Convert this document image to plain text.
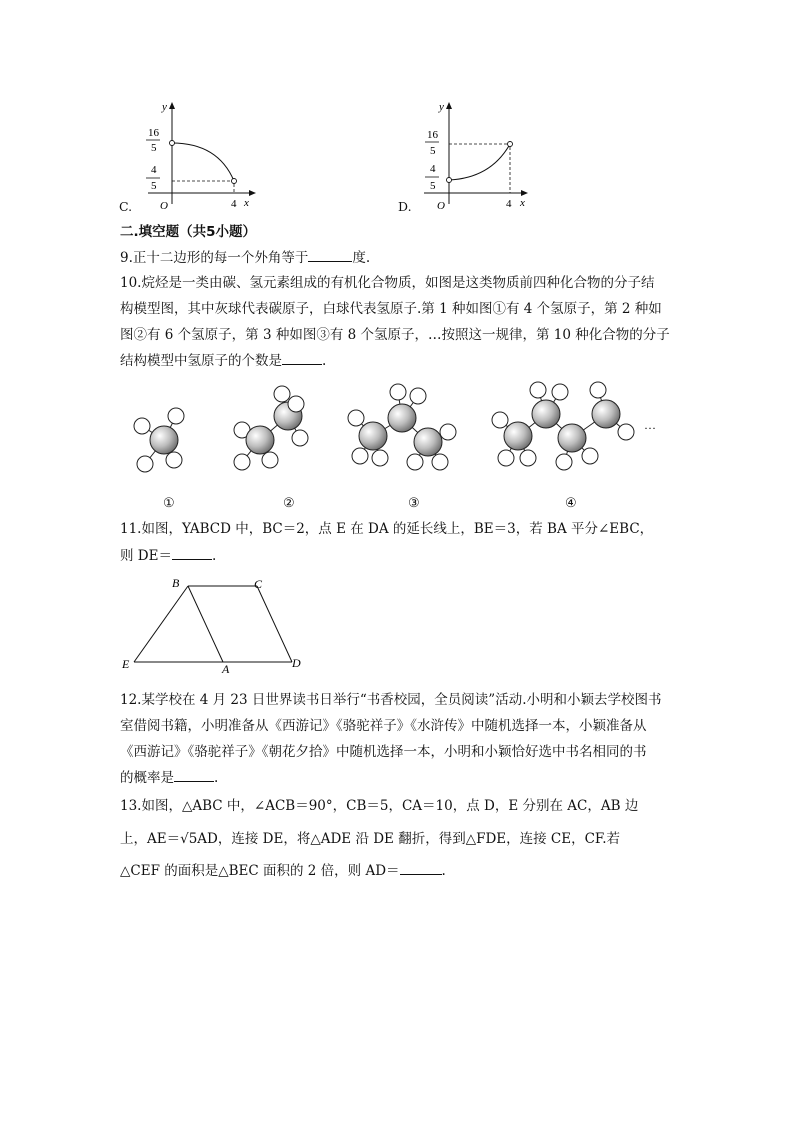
y
x
O
16
5
4
5
4
C.
y
x
O
16
5
4
5
4
D.
二.填空题（共5小题）
9.正十二边形的每一个外角等于	度.
10.烷烃是一类由碳、氢元素组成的有机化合物质，如图是这类物质前四种化合物的分子结
构模型图，其中灰球代表碳原子，白球代表氢原子.第 1 种如图①有 4 个氢原子，第 2 种如
图②有 6 个氢原子，第 3 种如图③有 8 个氢原子，…按照这一规律，第 10 种化合物的分子
结构模型中氢原子的个数是	.
···
①	②	③	④
11.如图，YABCD 中，BC＝2，点 E 在 DA 的延长线上，BE＝3，若 BA 平分∠EBC，
则 DE＝	.
B	C
E	A	D
12.某学校在 4 月 23 日世界读书日举行“书香校园，全员阅读”活动.小明和小颖去学校图书
室借阅书籍，小明准备从《西游记》《骆驼祥子》《水浒传》中随机选择一本，小颖准备从
《西游记》《骆驼祥子》《朝花夕拾》中随机选择一本，小明和小颖恰好选中书名相同的书
的概率是	.
13.如图，△ABC 中，∠ACB＝90°，CB＝5，CA＝10，点 D，E 分别在 AC，AB 边
上，AE＝√5AD，连接 DE，将△ADE 沿 DE 翻折，得到△FDE，连接 CE，CF.若
△CEF 的面积是△BEC 面积的 2 倍，则 AD＝	.
